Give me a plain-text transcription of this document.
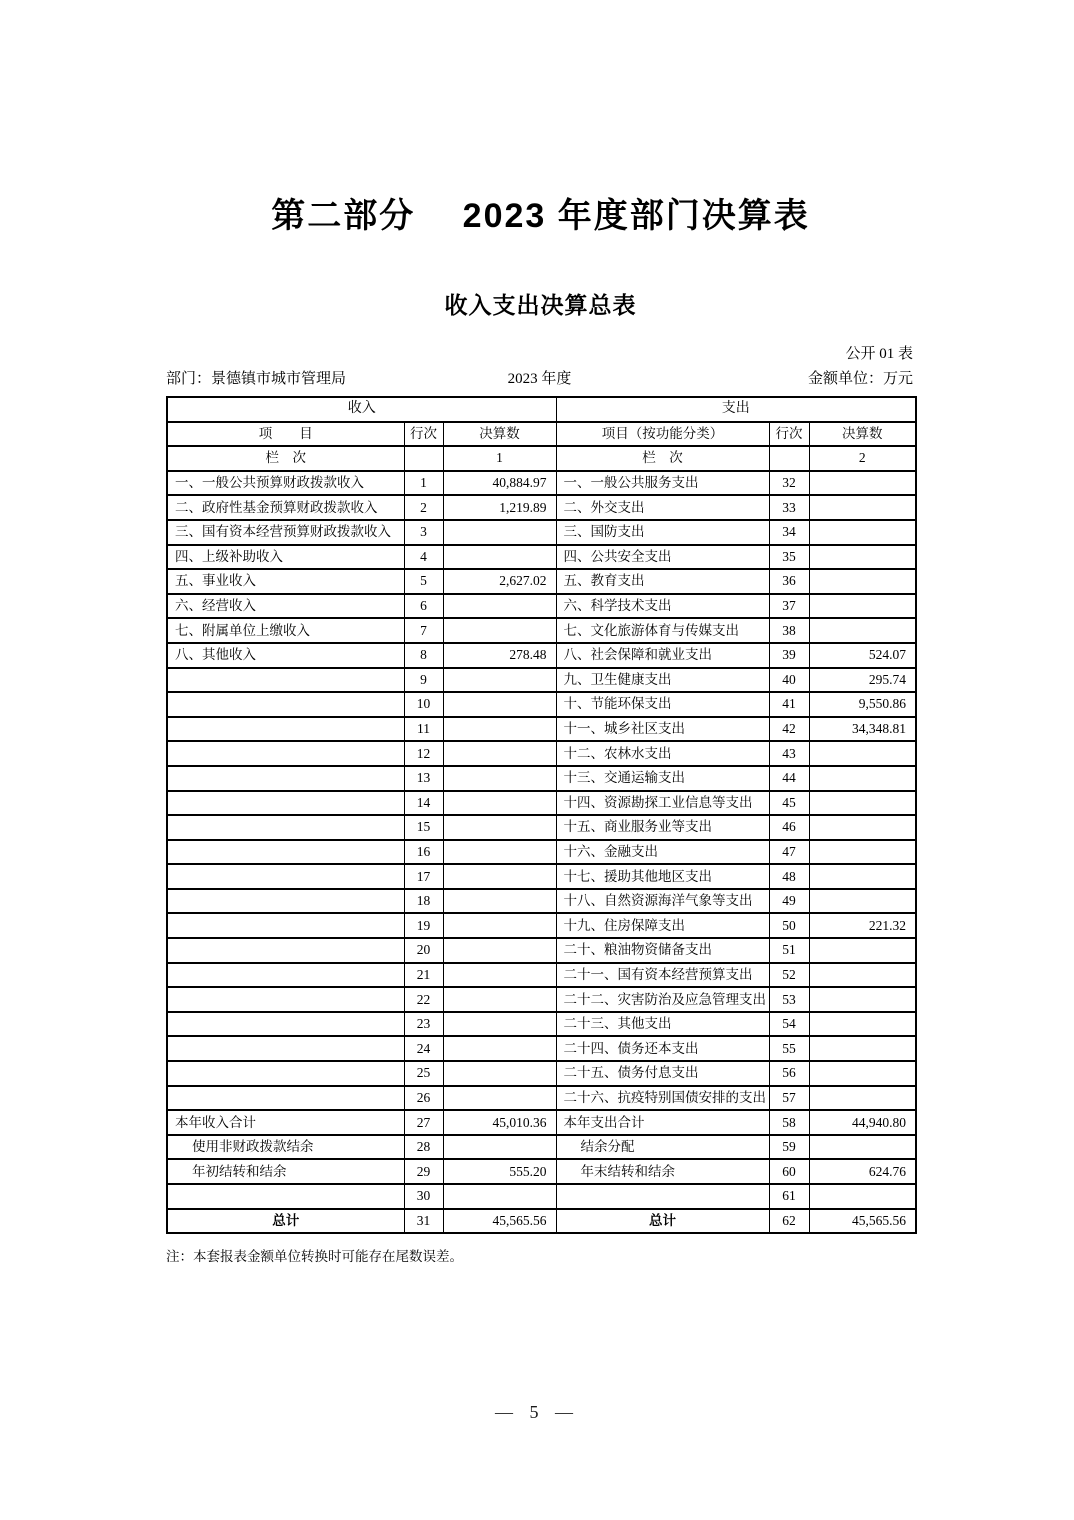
第二部分　 2023 年度部门决算表
收入支出决算总表
公开 01 表
部门：景德镇市城市管理局	2023 年度	金额单位：万元
收入			支出		
项　　目	行次	决算数	项目（按功能分类）	行次	决算数
栏　次		1	栏　次		2
一、一般公共预算财政拨款收入	1	40,884.97	一、一般公共服务支出	32	
二、政府性基金预算财政拨款收入	2	1,219.89	二、外交支出	33	
三、国有资本经营预算财政拨款收入	3		三、国防支出	34	
四、上级补助收入	4		四、公共安全支出	35	
五、事业收入	5	2,627.02	五、教育支出	36	
六、经营收入	6		六、科学技术支出	37	
七、附属单位上缴收入	7		七、文化旅游体育与传媒支出	38	
八、其他收入	8	278.48	八、社会保障和就业支出	39	524.07
	9		九、卫生健康支出	40	295.74
	10		十、节能环保支出	41	9,550.86
	11		十一、城乡社区支出	42	34,348.81
	12		十二、农林水支出	43	
	13		十三、交通运输支出	44	
	14		十四、资源勘探工业信息等支出	45	
	15		十五、商业服务业等支出	46	
	16		十六、金融支出	47	
	17		十七、援助其他地区支出	48	
	18		十八、自然资源海洋气象等支出	49	
	19		十九、住房保障支出	50	221.32
	20		二十、粮油物资储备支出	51	
	21		二十一、国有资本经营预算支出	52	
	22		二十二、灾害防治及应急管理支出	53	
	23		二十三、其他支出	54	
	24		二十四、债务还本支出	55	
	25		二十五、债务付息支出	56	
	26		二十六、抗疫特别国债安排的支出	57	
本年收入合计	27	45,010.36	本年支出合计	58	44,940.80
使用非财政拨款结余	28		结余分配	59	
年初结转和结余	29	555.20	年末结转和结余	60	624.76
	30			61	
总计	31	45,565.56	总计	62	45,565.56
注：本套报表金额单位转换时可能存在尾数误差。
— 5 —
